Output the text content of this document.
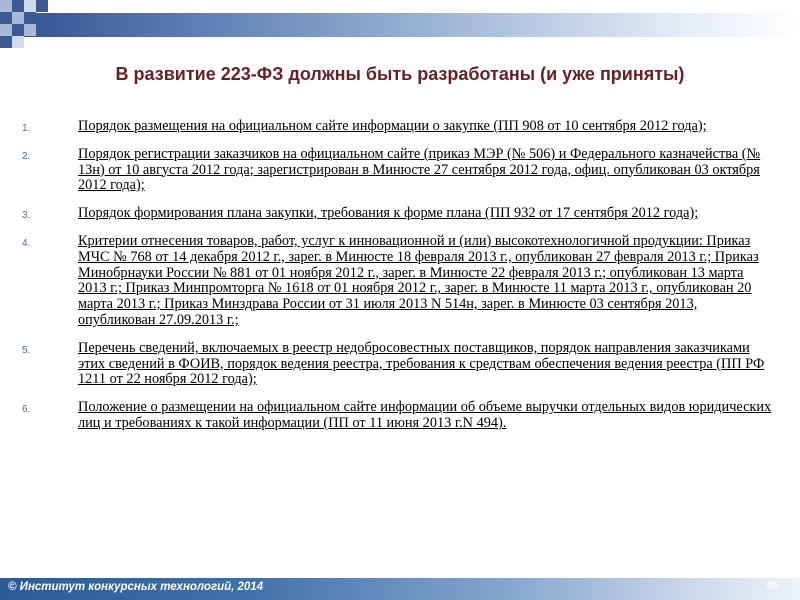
В развитие 223-ФЗ должны быть разработаны (и уже приняты)
1.	Порядок размещения на официальном сайте информации о закупке (ПП 908 от 10 сентября 2012 года);
2.	Порядок регистрации заказчиков на официальном сайте (приказ МЭР (№ 506) и Федерального казначейства (№ 13н) от 10 августа 2012 года; зарегистрирован в Минюсте 27 сентября 2012 года, офиц. опубликован 03 октября 2012 года);
3.	Порядок формирования плана закупки, требования к форме плана (ПП 932 от 17 сентября 2012 года);
4.	Критерии отнесения товаров, работ, услуг к инновационной и (или) высокотехнологичной продукции: Приказ МЧС № 768 от 14 декабря 2012 г., зарег. в Минюсте 18 февраля 2013 г., опубликован 27 февраля 2013 г.; Приказ Минобрнауки России № 881 от 01 ноября 2012 г., зарег. в Минюсте 22 февраля 2013 г.; опубликован 13 марта 2013 г.; Приказ Минпромторга № 1618 от 01 ноября 2012 г., зарег. в Минюсте 11 марта 2013 г., опубликован 20 марта 2013 г.; Приказ Минздрава России от 31 июля 2013 N 514н, зарег. в Минюсте 03 сентября 2013, опубликован 27.09.2013 г.;
5.	Перечень сведений, включаемых в реестр недобросовестных поставщиков, порядок направления заказчиками этих сведений в ФОИВ, порядок ведения реестра, требования к средствам обеспечения ведения реестра (ПП РФ 1211 от 22 ноября 2012 года);
6.	Положение о размещении на официальном сайте информации об объеме выручки отдельных видов юридических лиц и требованиях к такой информации (ПП от 11 июня 2013 г.N 494).
© Институт конкурсных технологий, 2014	49
